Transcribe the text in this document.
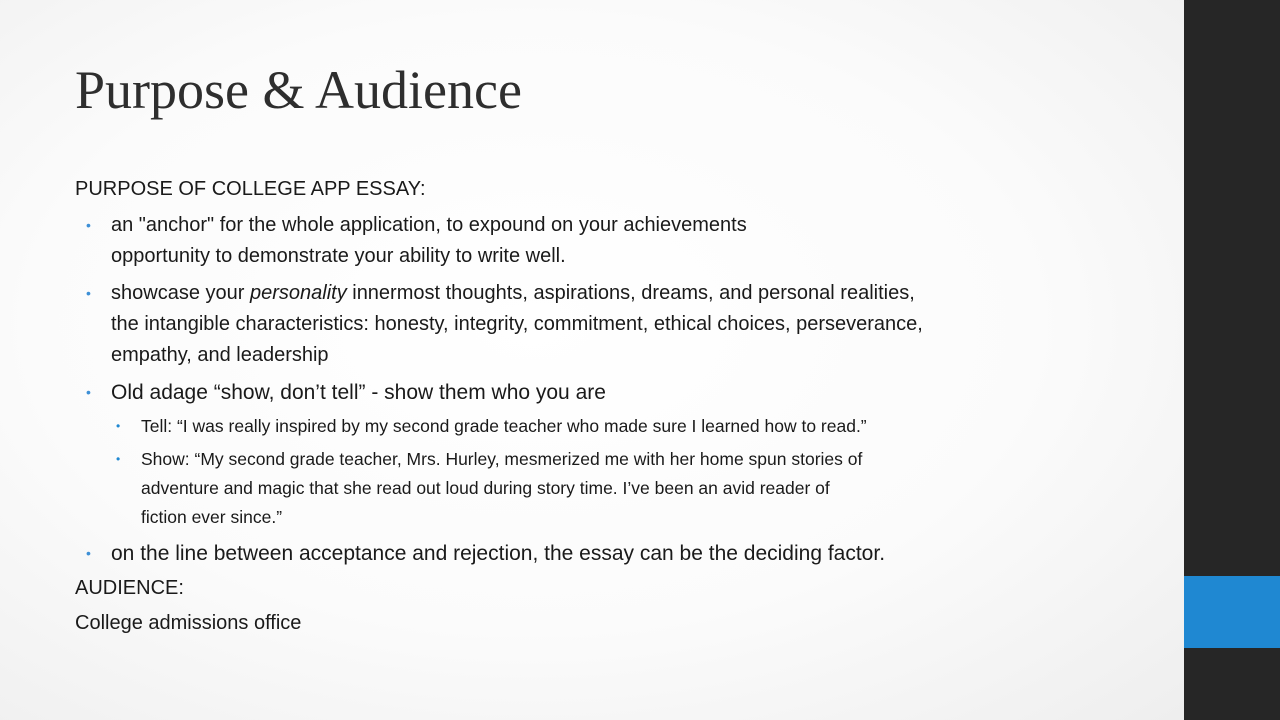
Purpose & Audience

PURPOSE OF COLLEGE APP ESSAY:

• an "anchor" for the whole application, to expound on your achievements
opportunity to demonstrate your ability to write well.
• showcase your personality innermost thoughts, aspirations, dreams, and personal realities,
the intangible characteristics: honesty, integrity, commitment, ethical choices, perseverance,
empathy, and leadership
• Old adage “show, don’t tell” - show them who you are
• Tell: “I was really inspired by my second grade teacher who made sure I learned how to read.”
• Show: “My second grade teacher, Mrs. Hurley, mesmerized me with her home spun stories of
adventure and magic that she read out loud during story time. I’ve been an avid reader of
fiction ever since.”
• on the line between acceptance and rejection, the essay can be the deciding factor.

AUDIENCE:

College admissions office
